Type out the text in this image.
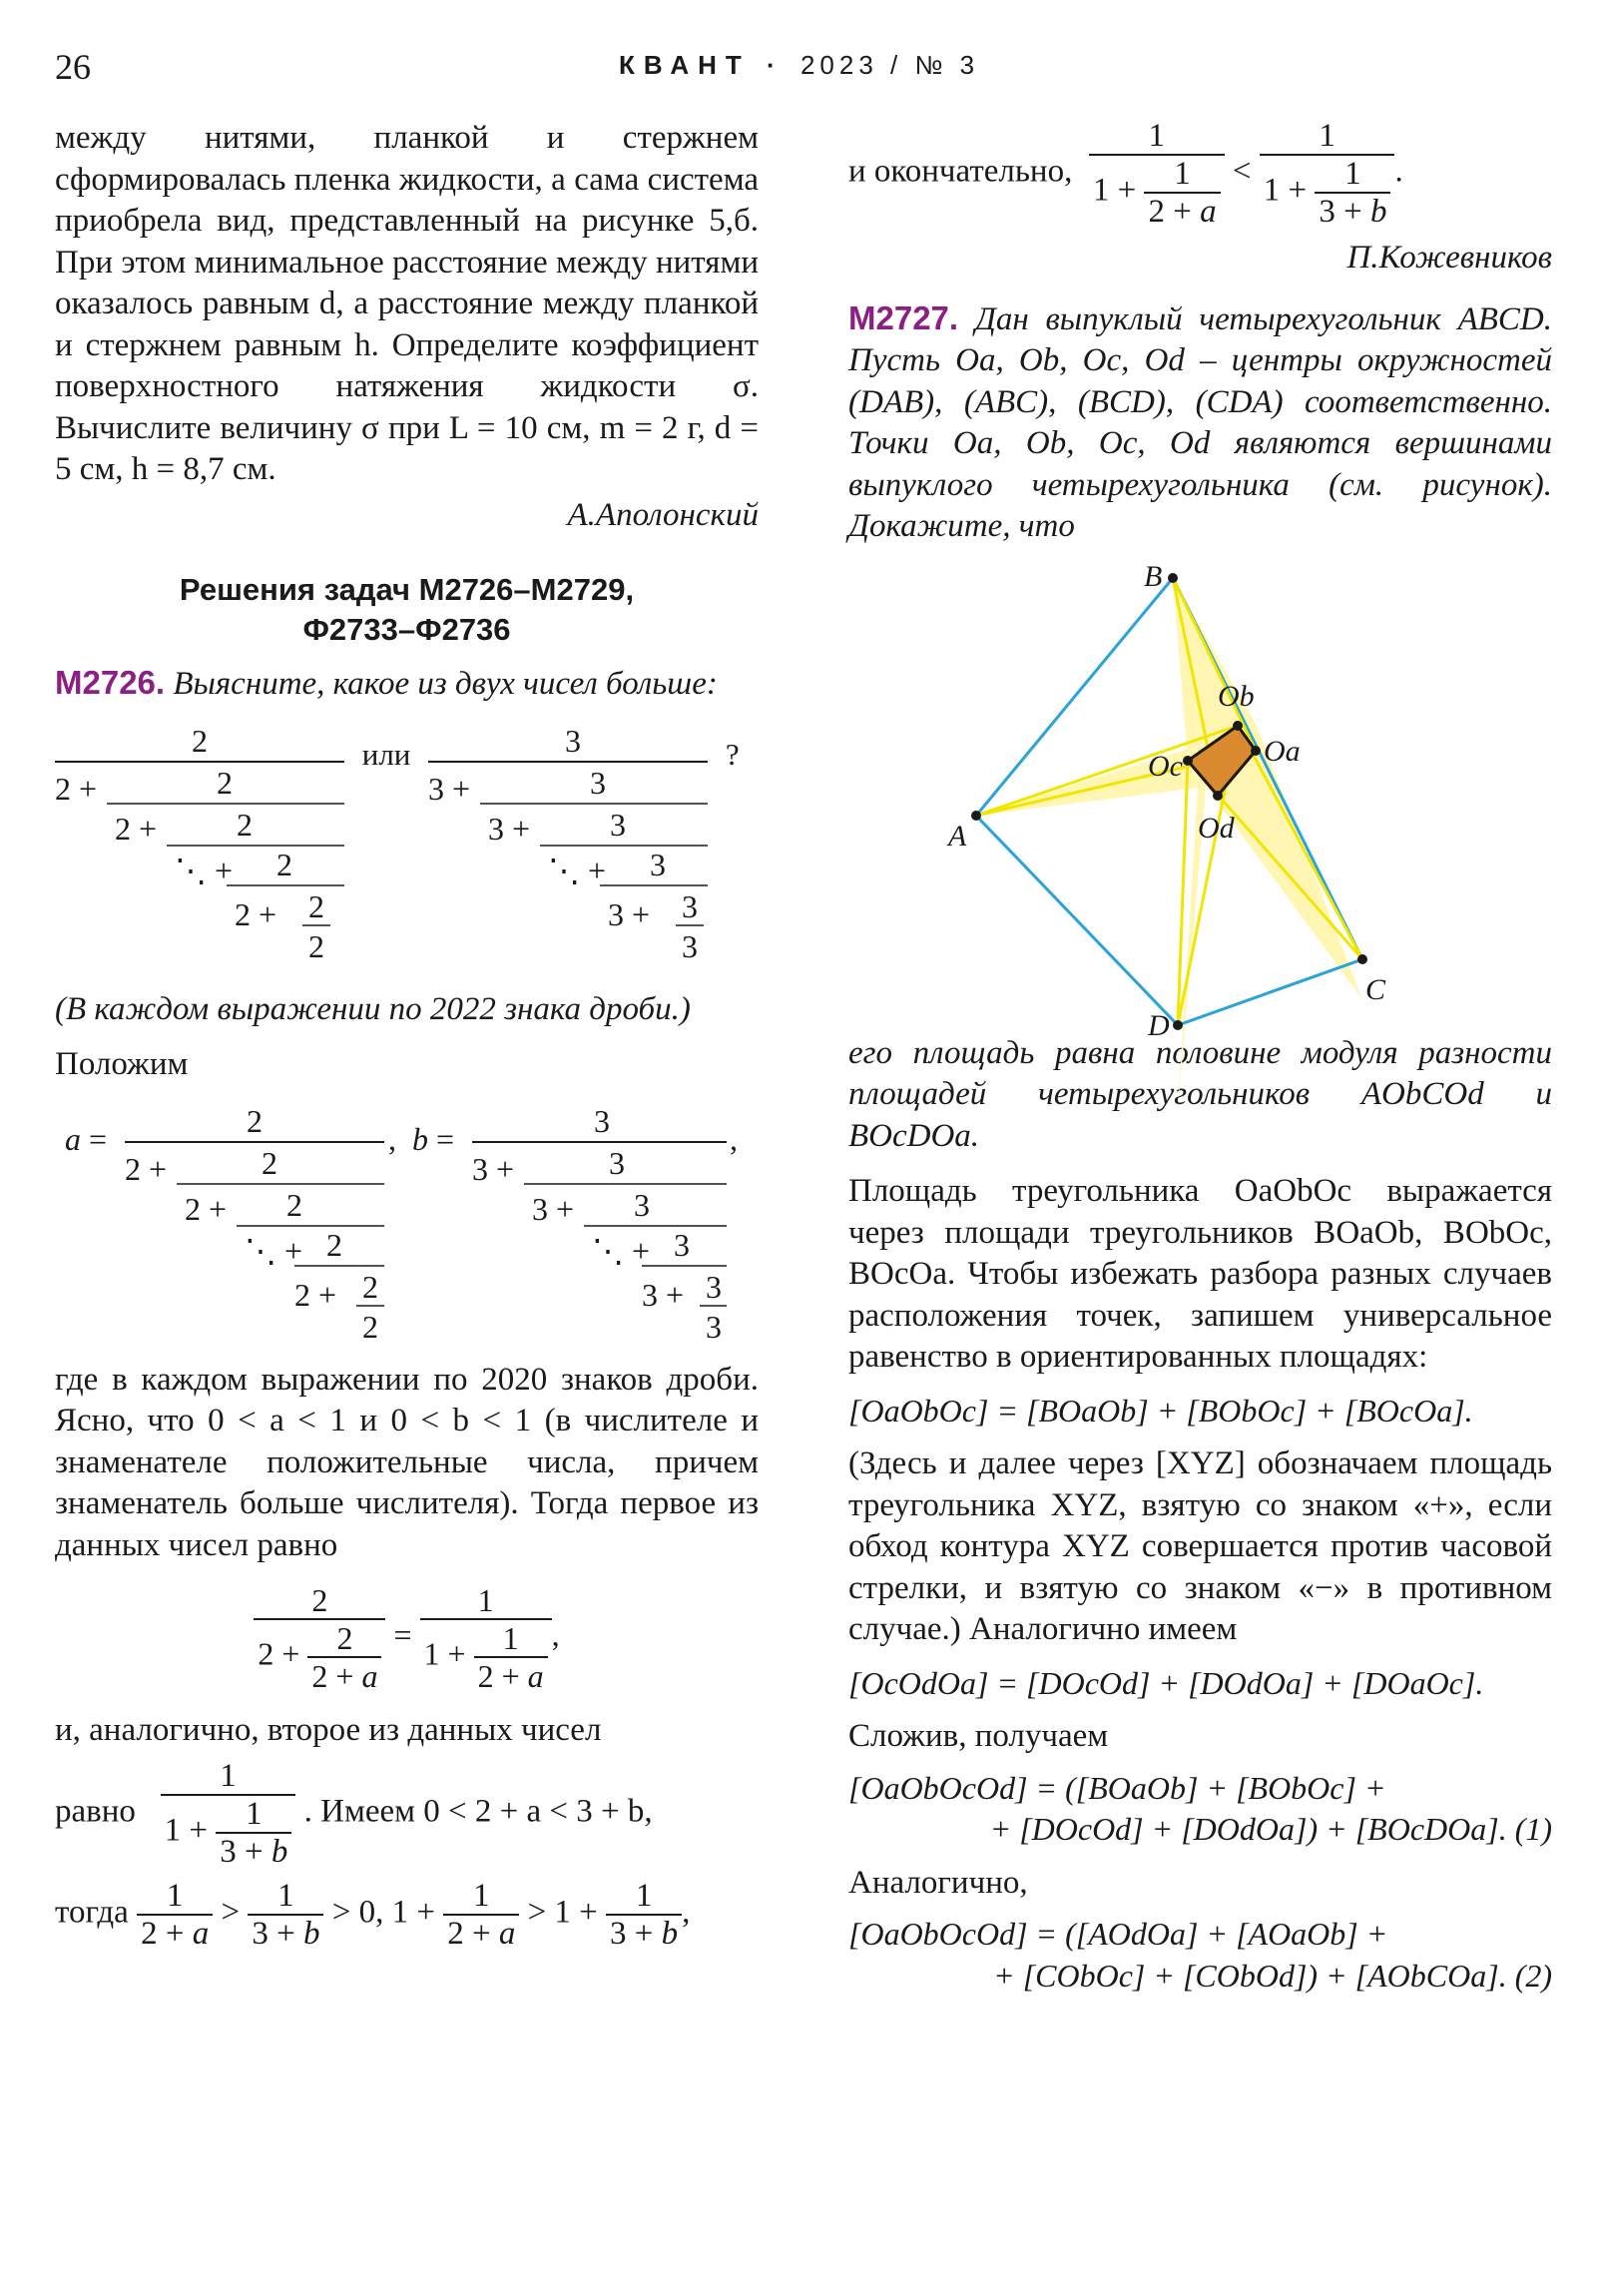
26	КВАНТ · 2023 / № 3

между нитями, планкой и стержнем сформировалась пленка жидкости, а сама система приобрела вид, представленный на рисунке 5,б. При этом минимальное расстояние между нитями оказалось равным d, а расстояние между планкой и стержнем равным h. Определите коэффициент поверхностного натяжения жидкости σ. Вычислите величину σ при L = 10 см, m = 2 г, d = 5 см, h = 8,7 см.

А.Аполонский
Решения задач М2726–М2729,
Ф2733–Ф2736

М2726. Выясните, какое из двух чисел больше:

2
2 +	2
2 + 2
⋱ + 2
2 + 2
2
или	3
3 +	3
3 + 3
⋱ + 3
3 + 3
3
?

(В каждом выражении по 2022 знака дроби.)

Положим

a =	2
2 +	2
2 + 2
⋱ + 2
2 + 2
2
,
b =	3
3 +	3
3 + 3
⋱ + 3
3 + 3
3
,

где в каждом выражении по 2020 знаков дроби. Ясно, что 0 < a < 1 и 0 < b < 1 (в числителе и знаменателе положительные числа, причем знаменатель больше числителя). Тогда первое из данных чисел равно

$\frac{2}{2 + \frac{2}{2 + a}} = \frac{1}{1 + \frac{1}{2 + a}}$ ,

и, аналогично, второе из данных чисел

равно $\frac{1}{1 + \frac{1}{3 + b}}$ . Имеем 0 < 2 + a < 3 + b,

тогда $\frac{1}{2 + a} > \frac{1}{3 + b} > 0$, $1 + \frac{1}{2 + a} > 1 + \frac{1}{3 + b}$ ,

и окончательно, $\frac{1}{1 + \frac{1}{2 + a}} < \frac{1}{1 + \frac{1}{3 + b}}$ .

П.Кожевников

М2727. Дан выпуклый четырехугольник ABCD. Пусть Oa, Ob, Oc, Od – центры окружностей (DAB), (ABC), (BCD), (CDA) соответственно. Точки Oa, Ob, Oc, Od являются вершинами выпуклого четырехугольника (см. рисунок). Докажите, что

B
A
C
D
Oa
Ob
Oc
Od

его площадь равна половине модуля разности площадей четырехугольников AObCOd и BOcDOa.

Площадь треугольника OaObOc выражается через площади треугольников BOaOb, BObOc, BOcOa. Чтобы избежать разбора разных случаев расположения точек, запишем универсальное равенство в ориентированных площадях:

[OaObOc] = [BOaOb] + [BObOc] + [BOcOa].

(Здесь и далее через [XYZ] обозначаем площадь треугольника XYZ, взятую со знаком «+», если обход контура XYZ совершается против часовой стрелки, и взятую со знаком «−» в противном случае.) Аналогично имеем

[OcOdOa] = [DOcOd] + [DOdOa] + [DOaOc].

Сложив, получаем

[OaObOcOd] = ([BOaOb] + [BObOc] +

+ [DOcOd] + [DOdOa]) + [BOcDOa]. (1)

Аналогично,

[OaObOcOd] = ([AOdOa] + [AOaOb] +

+ [CObOc] + [CObOd]) + [AObCOa]. (2)
